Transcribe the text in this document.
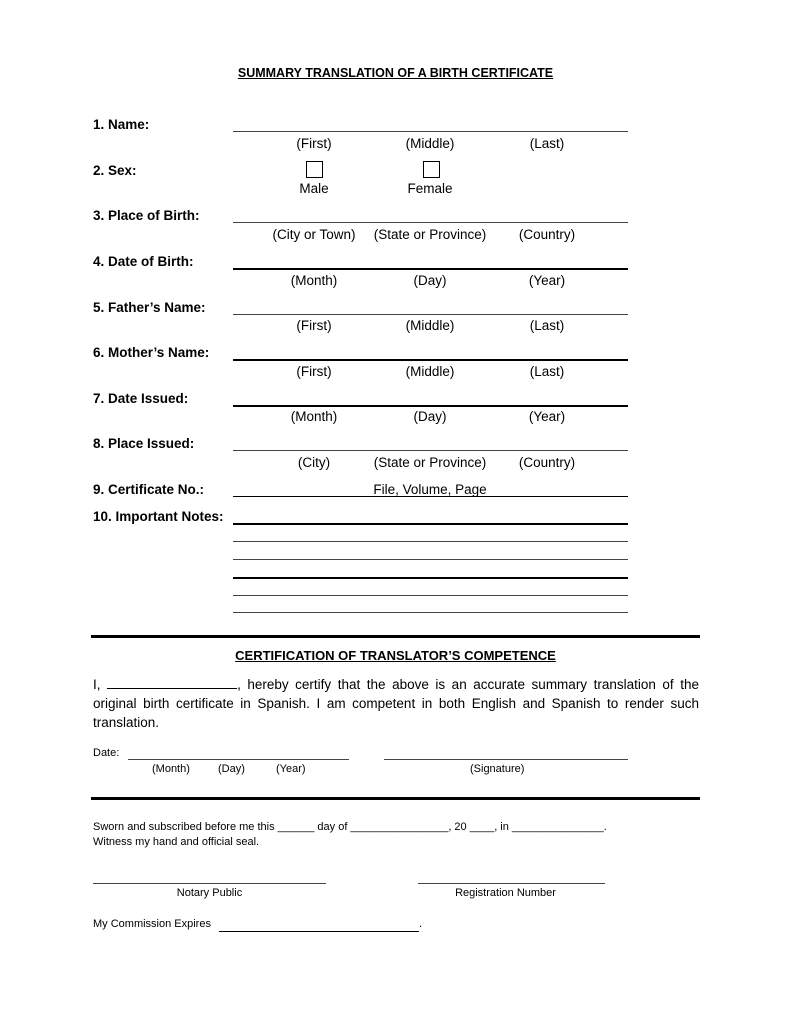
SUMMARY TRANSLATION OF A BIRTH CERTIFICATE
1. Name:
(First)	(Middle)	(Last)
2. Sex:
Male	Female
3. Place of Birth:
(City or Town)	(State or Province)	(Country)
4. Date of Birth:
(Month)	(Day)	(Year)
5. Father’s Name:
(First)	(Middle)	(Last)
6. Mother’s Name:
(First)	(Middle)	(Last)
7. Date Issued:
(Month)	(Day)	(Year)
8. Place Issued:
(City)	(State or Province)	(Country)
9. Certificate No.:	File, Volume, Page
10. Important Notes:
CERTIFICATION OF TRANSLATOR’S COMPETENCE
I,	, hereby certify that the above is an accurate summary translation of the original birth certificate in Spanish. I am competent in both English and Spanish to render such translation.
Date:
(Month)	(Day)	(Year)	(Signature)
Sworn and subscribed before me this ______ day of ________________, 20 ____, in _______________.
Witness my hand and official seal.
Notary Public	Registration Number
My Commission Expires	.
